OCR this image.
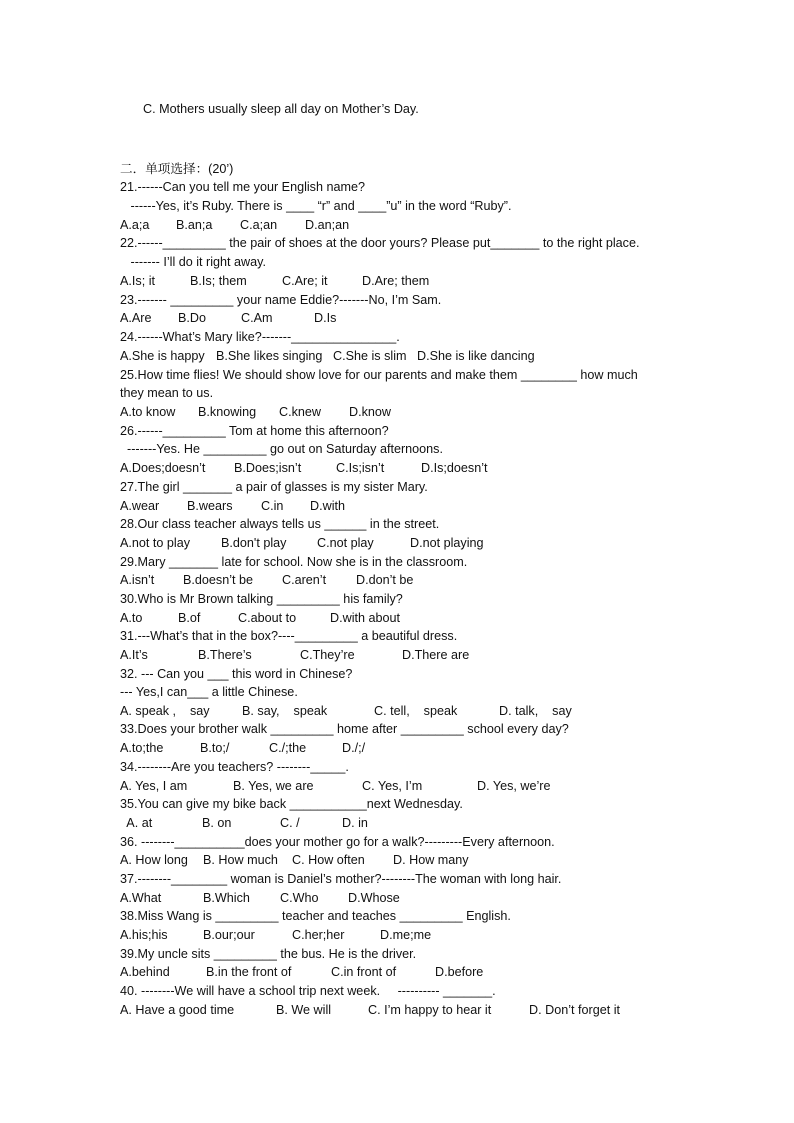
C. Mothers usually sleep all day on Mother’s Day.
二．单项选择：(20’)
21.------Can you tell me your English name?
------Yes, it’s Ruby. There is ____ “r” and ____”u” in the word “Ruby”.

A.a;a

B.an;a

C.a;an

D.an;an

22.------_________ the pair of shoes at the door yours? Please put_______ to the right place.
------- I’ll do it right away.

A.Is; it

	B.Is; them

	C.Are; it

	D.Are; them

23.------- _________ your name Eddie?-------No, I’m Sam.

A.Are

B.Do

	C.Am

	D.Is

24.------What’s Mary like?-------_______________.

A.She is happy

B.She likes singing

C.She is slim

D.She is like dancing

25.How time flies! We should show love for our parents and make them ________ how much
they mean to us.

A.to know

B.knowing

C.knew

D.know

26.------_________ Tom at home this afternoon?
-------Yes. He _________ go out on Saturday afternoons.

A.Does;doesn’t

B.Does;isn’t

	C.Is;isn’t

	D.Is;doesn’t

27.The girl _______ a pair of glasses is my sister Mary.

A.wear

B.wears

C.in

D.with

28.Our class teacher always tells us ______ in the street.

A.not to play

B.don't play

C.not play

	D.not playing

29.Mary _______ late for school. Now she is in the classroom.

A.isn’t

B.doesn’t be

C.aren’t

D.don’t be

30.Who is Mr Brown talking _________ his family?

A.to

	B.of

	C.about to

	D.with about

31.---What’s that in the box?----_________ a beautiful dress.

A.It’s

	B.There’s

	C.They’re

	D.There are

32. --- Can you ___ this word in Chinese?
--- Yes,I can___ a little Chinese.

A. speak ,    say

	B. say,    speak

	C. tell,    speak

	D. talk,    say

33.Does your brother walk _________ home after _________ school every day?

A.to;the

	B.to;/

	C./;the

	D./;/

34.--------Are you teachers? --------_____.

A. Yes, I am

	B. Yes, we are

	C. Yes, I’m

	D. Yes, we’re

35.You can give my bike back ___________next Wednesday.

A. at

	B. on

	C. /

	D. in

36. --------__________does your mother go for a walk?---------Every afternoon.

A. How long

B. How much

C. How often

D. How many

37.--------________ woman is Daniel’s mother?--------The woman with long hair.

A.What

	B.Which

C.Who

D.Whose

38.Miss Wang is _________ teacher and teaches _________ English.

A.his;his

	B.our;our

	C.her;her

	D.me;me

39.My uncle sits _________ the bus. He is the driver.

A.behind

	B.in the front of

	C.in front of

	D.before

40. --------We will have a school trip next week.     ---------- _______.

A. Have a good time

	B. We will

	C. I’m happy to hear it

	D. Don’t forget it
